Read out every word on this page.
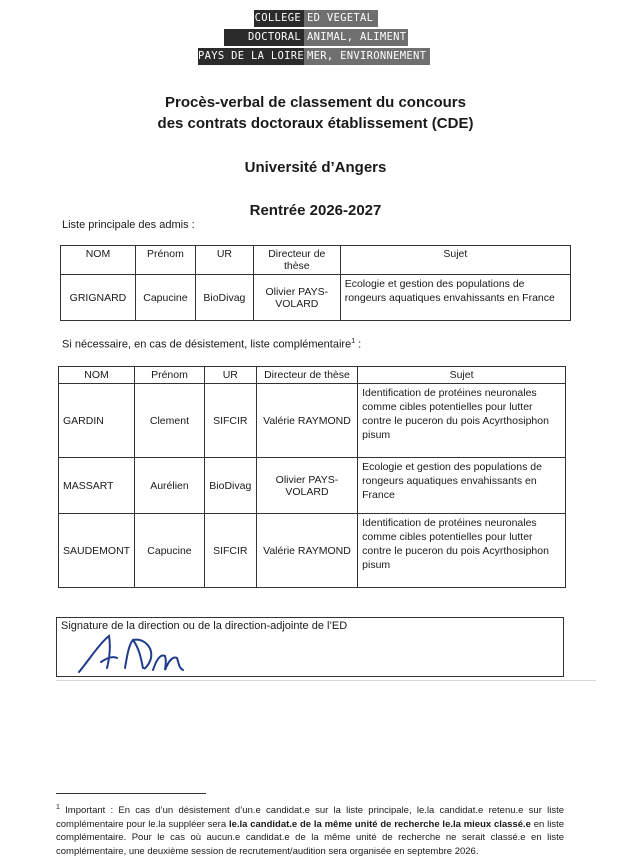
COLLEGE ED VEGETAL
DOCTORAL ANIMAL, ALIMENT
PAYS DE LA LOIRE MER, ENVIRONNEMENT
Procès-verbal de classement du concours
des contrats doctoraux établissement (CDE)
Université d’Angers
Rentrée 2026-2027
Liste principale des admis :
NOM	Prénom	UR	Directeur de thèse	Sujet
GRIGNARD	Capucine	BioDivag	Olivier PAYS-VOLARD	Ecologie et gestion des populations de rongeurs aquatiques envahissants en France
Si nécessaire, en cas de désistement, liste complémentaire$^1$ :
NOM	Prénom	UR	Directeur de thèse	Sujet
GARDIN	Clement	SIFCIR	Valérie RAYMOND	Identification de protéines neuronales comme cibles potentielles pour lutter contre le puceron du pois Acyrthosiphon pisum
MASSART	Aurélien	BioDivag	Olivier PAYS-VOLARD	Ecologie et gestion des populations de rongeurs aquatiques envahissants en France
SAUDEMONT	Capucine	SIFCIR	Valérie RAYMOND	Identification de protéines neuronales comme cibles potentielles pour lutter contre le puceron du pois Acyrthosiphon pisum
Signature de la direction ou de la direction-adjointe de l’ED
$^1$ Important : En cas d’un désistement d’un.e candidat.e sur la liste principale, le.la candidat.e retenu.e sur liste complémentaire pour le.la suppléer sera le.la candidat.e de la même unité de recherche le.la mieux classé.e en liste complémentaire. Pour le cas où aucun.e candidat.e de la même unité de recherche ne serait classé.e en liste complémentaire, une deuxième session de recrutement/audition sera organisée en septembre 2026.
